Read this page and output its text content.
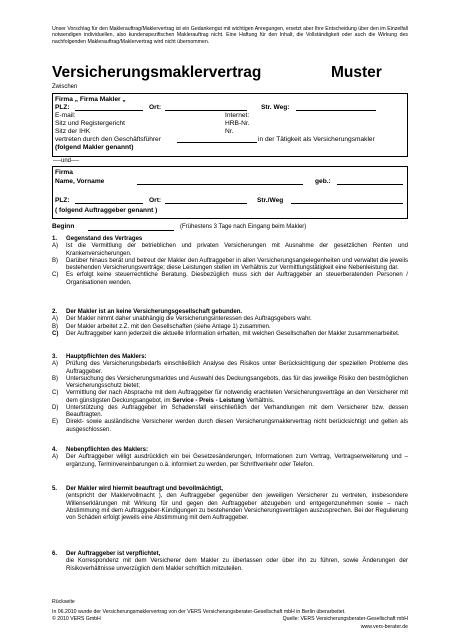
Unser Vorschlag für den Maklerauftrag/Maklervertrag ist ein Gedankengut mit wichtigen Anregungen, ersetzt aber Ihre Entscheidung über den im Einzelfall notwendigen individuellen, also kundenspezifischen Maklerauftrag nicht. Eine Haftung für den Inhalt, die Vollständigkeit oder auch die Wirkung des nachfolgenden Maklerauftrag/Maklervertrag wird nicht übernommen.
Versicherungsmaklervertrag	Muster
Zwischen
Firma „ Firma Makler „
PLZ:	Ort:	Str. Weg:
E-mail:	Internet:
Sitz und Registergericht	HRB-Nr.
Sitz der IHK	Nr.
vertreten durch den Geschäftsführer	in der Tätigkeit als Versicherungsmakler
(folgend Makler genannt)
----und----
Firma
Name, Vorname	geb.:
PLZ:	Ort:	Str./Weg
( folgend Auftraggeber genannt )
Beginn	(Frühestens 3 Tage nach Eingang beim Makler)
1. Gegenstand des Vertrages
A) Ist die Vermittlung der betrieblichen und privaten Versicherungen mit Ausnahme der gesetzlichen Renten und Krankenversicherungen.
B) Darüber hinaus berät und betreut der Makler den Auftraggeber in allen Versicherungsangelegenheiten und verwaltet die jeweils bestehenden Versicherungsverträge; diese Leistungen stellen im Verhältnis zur Vermittlungstätigkeit eine Nebenleistung dar.
C) Es erfolgt keine steuerrechtliche Beratung. Diesbezüglich muss sich der Auftraggeber an steuerberatenden Personen / Organisationen wenden.
2. Der Makler ist an keine Versicherungsgesellschaft gebunden.
A) Der Makler nimmt daher unabhängig die Versicherungsinteressen des Auftragsgebers wahr.
B) Der Makler arbeitet z.Z. mit den Gesellschaften (siehe Anlage 1) zusammen.
C) Der Auftraggeber kann jederzeit die aktuelle Information erhalten, mit welchen Gesellschaften der Makler zusammenarbeitet.
3. Hauptpflichten des Maklers:
A) Prüfung des Versicherungsbedarfs einschließlich Analyse des Risikos unter Berücksichtigung der speziellen Probleme des Auftraggeber.
B) Untersuchung des Versicherungsmarktes und Auswahl des Deckungsangebots, das für das jeweilige Risiko den bestmöglichen Versicherungsschutz bietet;
C) Vermittlung der nach Absprache mit dem Auftraggeber für notwendig erachteten Versicherungsverträge an den Versicherer mit dem günstigsten Deckungsangebot, im Service - Preis - Leistung Verhältnis.
D) Unterstützung des Auftraggeber im Schadensfall einschließlich der Verhandlungen mit dem Versicherer bzw. dessen Beauftragten.
E) Direkt- sowie ausländische Versicherer werden durch diesen Versicherungsmaklervertrag nicht berücksichtigt und gelten als ausgeschlossen.
4. Nebenpflichten des Maklers:
A) Der Auftraggeber willigt ausdrücklich ein bei Gesetzesänderungen, Informationen zum Vertrag, Vertragserweiterung und –ergänzung, Terminvereinbarungen o.ä. informiert zu werden, per Schriftverkehr oder Telefon.
5. Der Makler wird hiermit beauftragt und bevollmächtigt,
(entspricht der Maklervollmacht ), den Auftraggeber gegenüber den jeweiligen Versicherer zu vertreten, insbesondere Willenserklärungen mit Wirkung für und gegen den Auftraggeber abzugeben und entgegenzunehmen sowie – nach Abstimmung mit dem Auftraggeber-Kündigungen zu bestehenden Versicherungsverträgen auszusprechen. Bei der Regulierung von Schäden erfolgt jeweils eine Abstimmung mit dem Auftraggeber.
6. Der Auftraggeber ist verpflichtet,
die Korrespondenz mit dem Versicherer dem Makler zu überlassen oder über ihn zu führen, sowie Änderungen der Risikoverhältnisse unverzüglich dem Makler schriftlich mitzuteilen.
Rückseite
In 06.2010 wurde der Versicherungsmaklervertrag von der VERS Versicherungsberater-Gesellschaft mbH in Berlin überarbeitet.
© 2010 VERS GmbH	Quelle: VERS Versicherungsberater-Gesellschaft mbH
www.vers-berater.de
